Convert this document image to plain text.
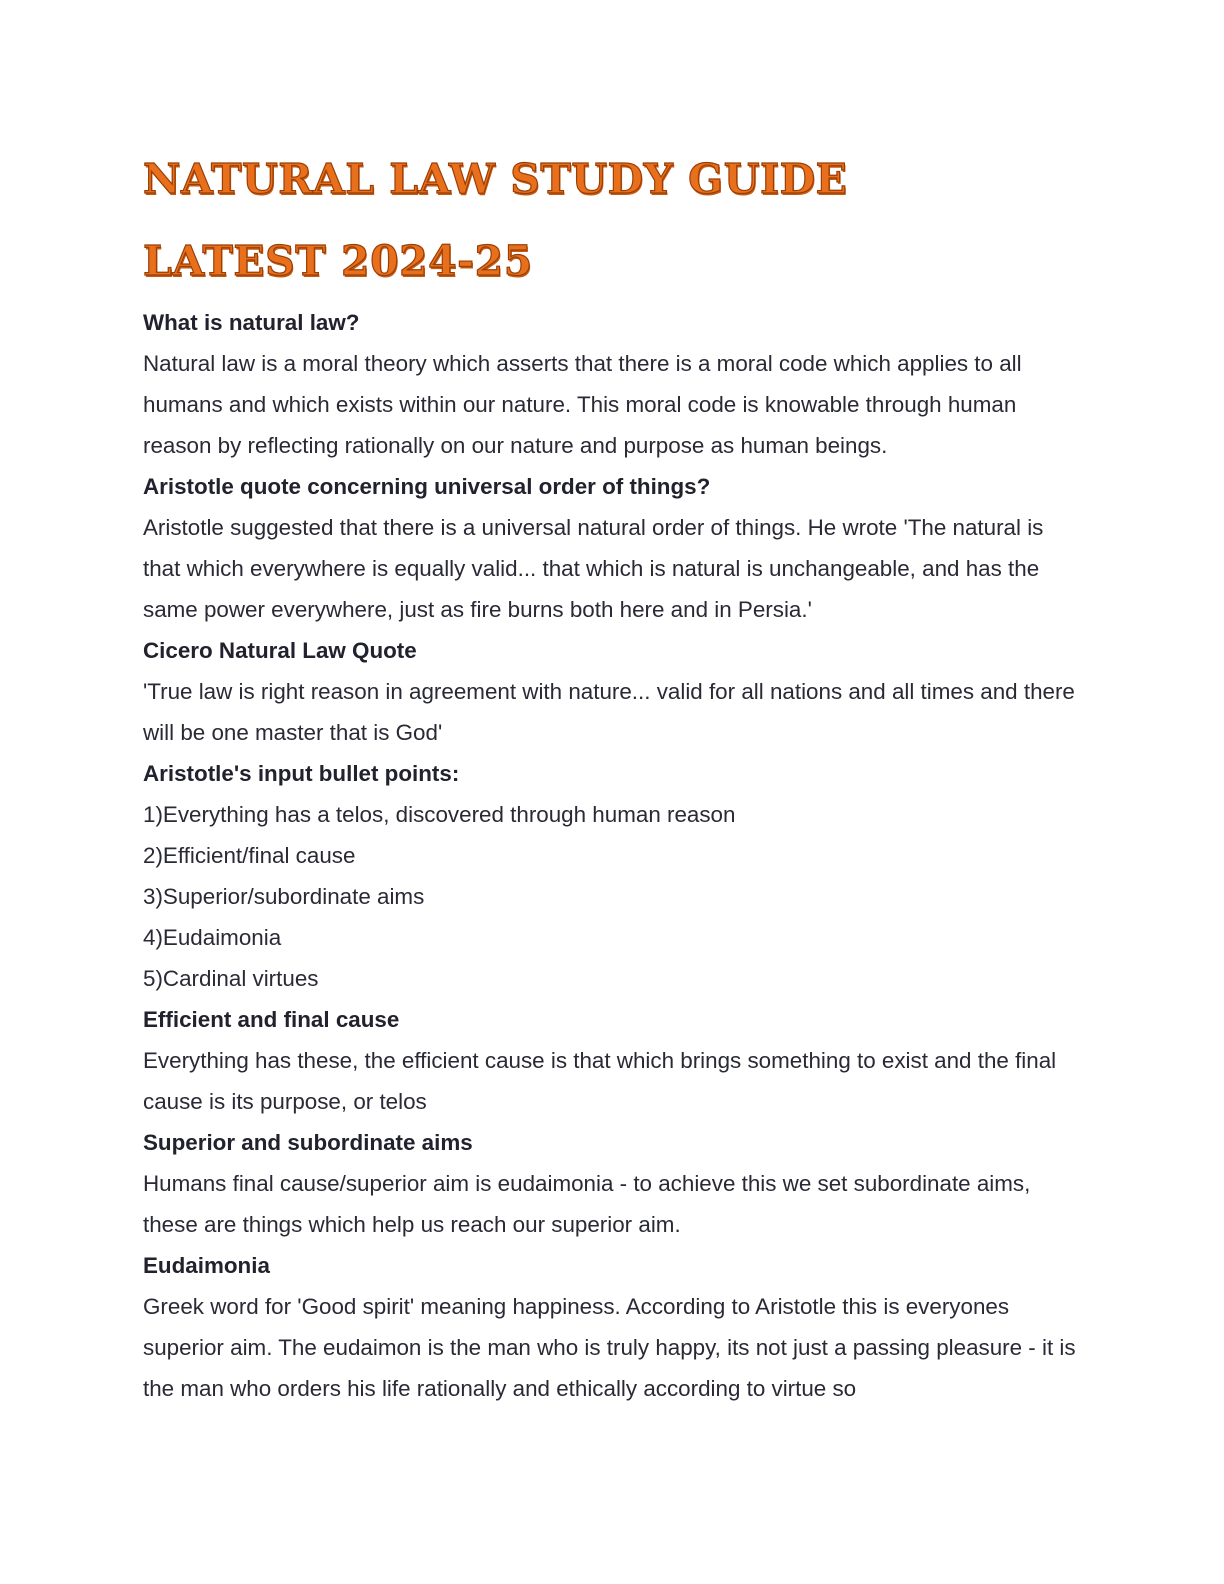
NATURAL LAW STUDY GUIDE
LATEST 2024-25

What is natural law?

Natural law is a moral theory which asserts that there is a moral code which applies to all humans and which exists within our nature. This moral code is knowable through human reason by reflecting rationally on our nature and purpose as human beings.

Aristotle quote concerning universal order of things?

Aristotle suggested that there is a universal natural order of things. He wrote 'The natural is that which everywhere is equally valid... that which is natural is unchangeable, and has the same power everywhere, just as fire burns both here and in Persia.'

Cicero Natural Law Quote

'True law is right reason in agreement with nature... valid for all nations and all times and there will be one master that is God'

Aristotle's input bullet points:

1)Everything has a telos, discovered through human reason

2)Efficient/final cause

3)Superior/subordinate aims

4)Eudaimonia

5)Cardinal virtues

Efficient and final cause

Everything has these, the efficient cause is that which brings something to exist and the final cause is its purpose, or telos

Superior and subordinate aims

Humans final cause/superior aim is eudaimonia - to achieve this we set subordinate aims, these are things which help us reach our superior aim.

Eudaimonia

Greek word for 'Good spirit' meaning happiness. According to Aristotle this is everyones superior aim. The eudaimon is the man who is truly happy, its not just a passing pleasure - it is the man who orders his life rationally and ethically according to virtue so
